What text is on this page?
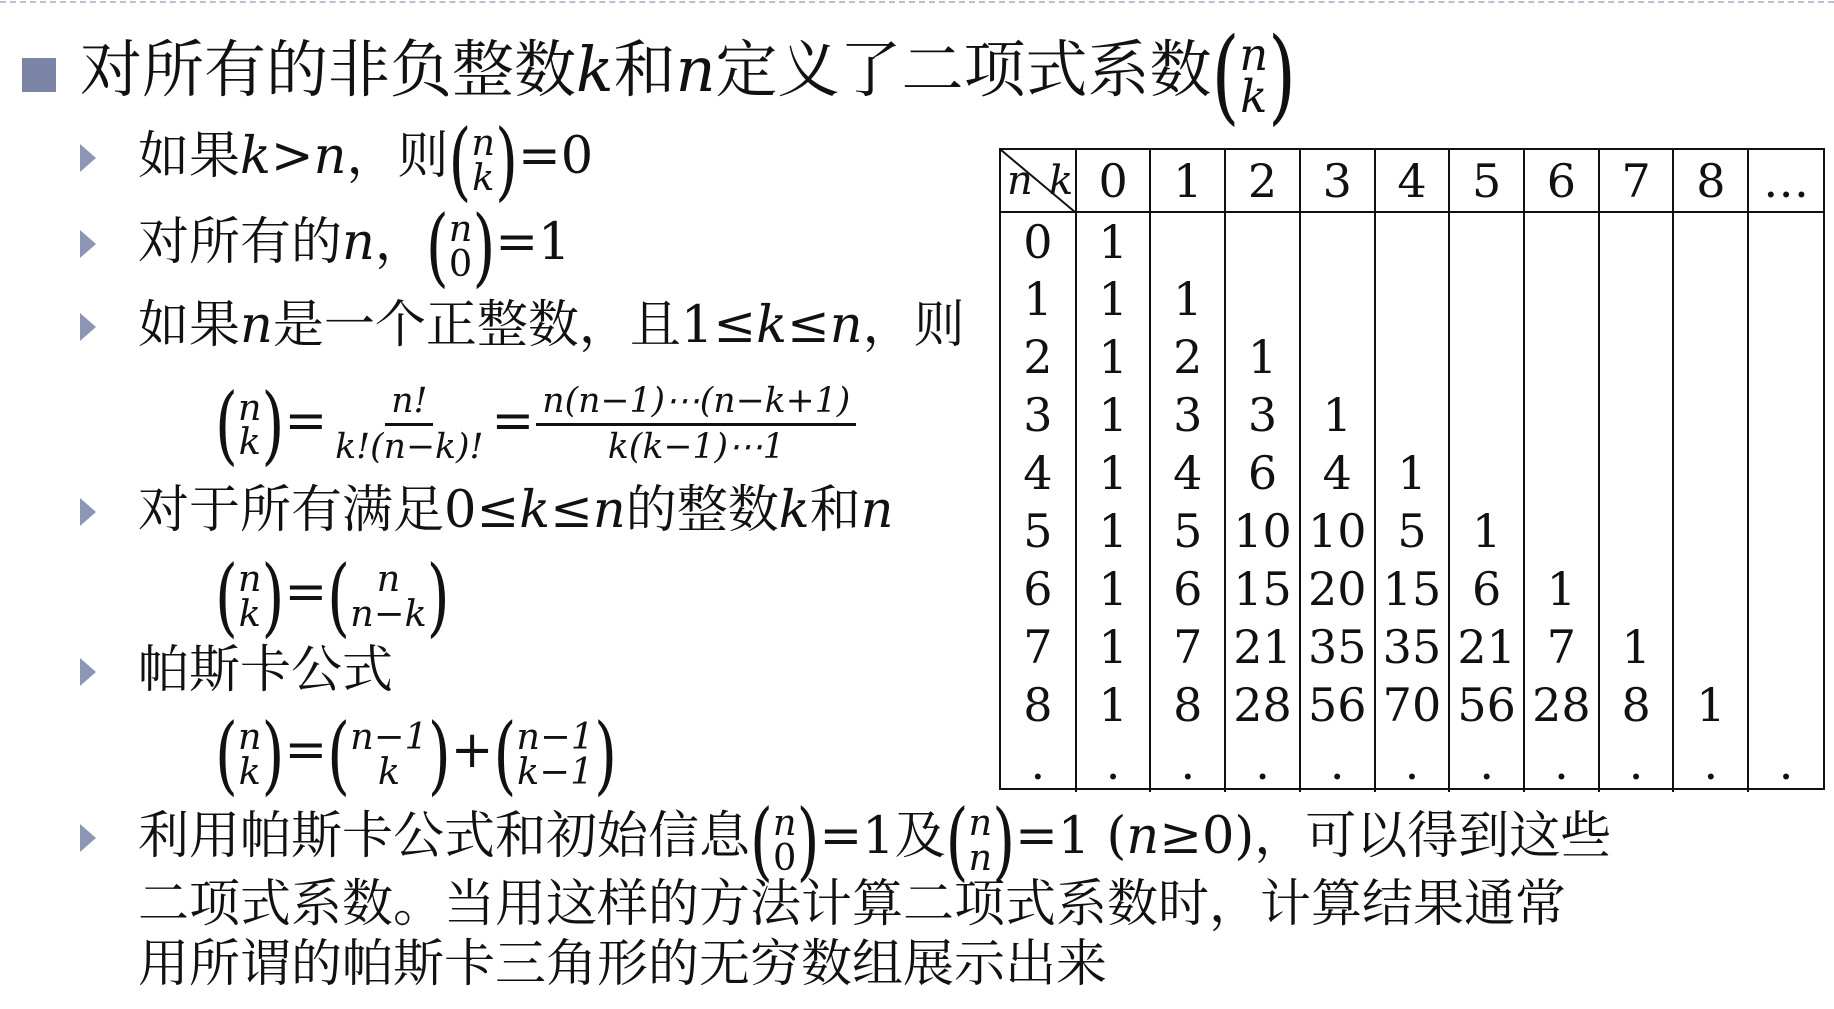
对所有的非负整数k和n定义了二项式系数( n
k )
如果k>n，则( n
k )=0
对所有的n，( n
0 )=1
如果n是一个正整数，且1≤k≤n，则
( n
k )= $\frac{n!}{k!(n-k)!} = \frac{n(n-1)\cdots(n-k+1)}{k(k-1)\cdots 1}$
对于所有满足0≤k≤n的整数k和n
( n
k )=( n
n−k )
帕斯卡公式
( n
k )=( n−1
k )+( n−1
k−1 )
利用帕斯卡公式和初始信息( n
0 )=1及( n
n )=1 (n≥0)，可以得到这些
二项式系数。当用这样的方法计算二项式系数时，计算结果通常
用所谓的帕斯卡三角形的无穷数组展示出来
n k	0	1	2	3	4	5	6	7	8	…
0	1									
1	1	1								
2	1	2	1							
3	1	3	3	1						
4	1	4	6	4	1					
5	1	5	10	10	5	1				
6	1	6	15	20	15	6	1			
7	1	7	21	35	35	21	7	1		
8	1	8	28	56	70	56	28	8	1	
.	.	.	.	.	.	.	.	.	.	.
